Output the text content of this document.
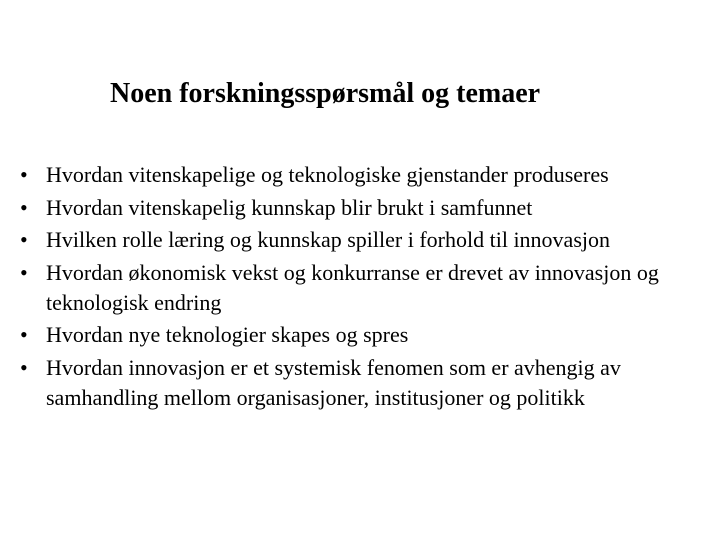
Noen forskningsspørsmål og temaer
• Hvordan vitenskapelige og teknologiske gjenstander produseres
• Hvordan vitenskapelig kunnskap blir brukt i samfunnet
• Hvilken rolle læring og kunnskap spiller i forhold til innovasjon
• Hvordan økonomisk vekst og konkurranse er drevet av innovasjon og teknologisk endring
• Hvordan nye teknologier skapes og spres
• Hvordan innovasjon er et systemisk fenomen som er avhengig av samhandling mellom organisasjoner, institusjoner og politikk
